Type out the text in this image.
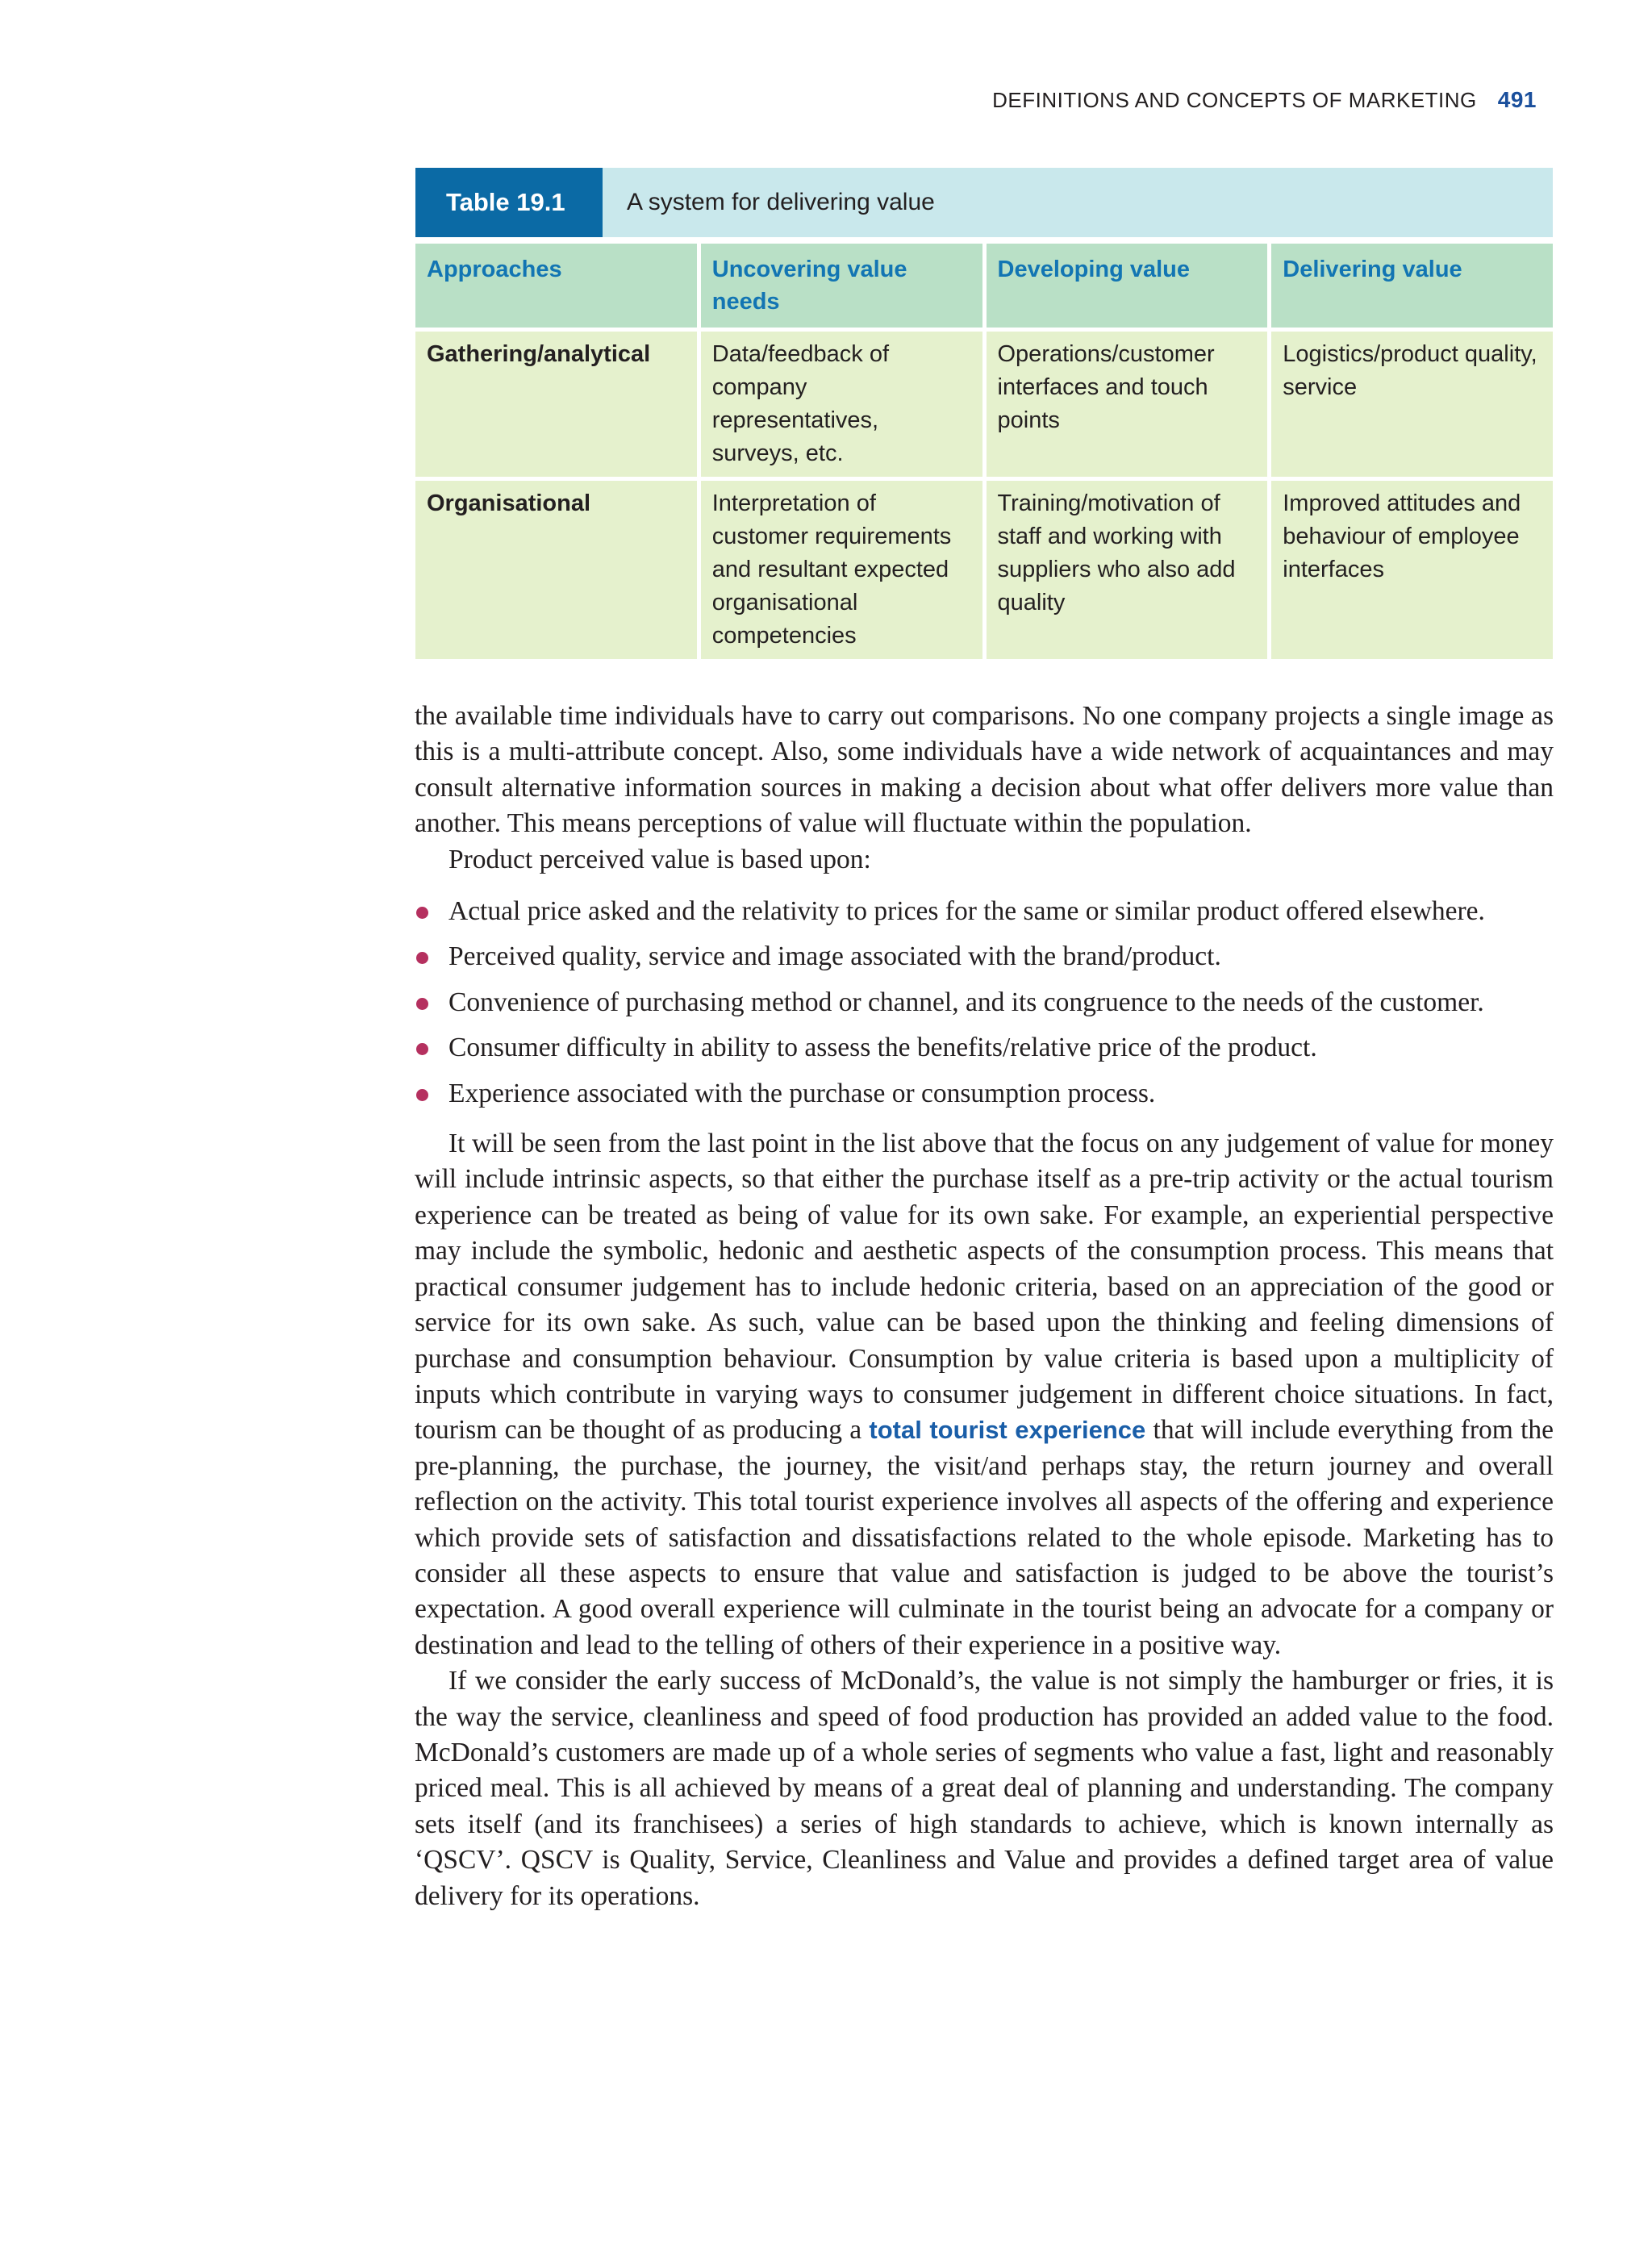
DEFINITIONS AND CONCEPTS OF MARKETING 491
Table 19.1	A system for delivering value
Approaches	Uncovering value needs	Developing value	Delivering value
Gathering/analytical	Data/feedback of company representatives, surveys, etc.	Operations/customer interfaces and touch points	Logistics/product quality, service
Organisational	Interpretation of customer requirements and resultant expected organisational competencies	Training/motivation of staff and working with suppliers who also add quality	Improved attitudes and behaviour of employee interfaces

the available time individuals have to carry out comparisons. No one company projects a single image as this is a multi-attribute concept. Also, some individuals have a wide network of acquaintances and may consult alternative information sources in making a decision about what offer delivers more value than another. This means perceptions of value will fluctuate within the population.

Product perceived value is based upon:

Actual price asked and the relativity to prices for the same or similar product offered elsewhere.
Perceived quality, service and image associated with the brand/product.
Convenience of purchasing method or channel, and its congruence to the needs of the customer.
Consumer difficulty in ability to assess the benefits/relative price of the product.
Experience associated with the purchase or consumption process.

It will be seen from the last point in the list above that the focus on any judgement of value for money will include intrinsic aspects, so that either the purchase itself as a pre-trip activity or the actual tourism experience can be treated as being of value for its own sake. For example, an experiential perspective may include the symbolic, hedonic and aesthetic aspects of the consumption process. This means that practical consumer judgement has to include hedonic criteria, based on an appreciation of the good or service for its own sake. As such, value can be based upon the thinking and feeling dimensions of purchase and consumption behaviour. Consumption by value criteria is based upon a multiplicity of inputs which contribute in varying ways to consumer judgement in different choice situations. In fact, tourism can be thought of as producing a total tourist experience that will include everything from the pre-planning, the purchase, the journey, the visit/and perhaps stay, the return journey and overall reflection on the activity. This total tourist experience involves all aspects of the offering and experience which provide sets of satisfaction and dissatisfactions related to the whole episode. Marketing has to consider all these aspects to ensure that value and satisfaction is judged to be above the tourist’s expectation. A good overall experience will culminate in the tourist being an advocate for a company or destination and lead to the telling of others of their experience in a positive way.

If we consider the early success of McDonald’s, the value is not simply the hamburger or fries, it is the way the service, cleanliness and speed of food production has provided an added value to the food. McDonald’s customers are made up of a whole series of segments who value a fast, light and reasonably priced meal. This is all achieved by means of a great deal of planning and understanding. The company sets itself (and its franchisees) a series of high standards to achieve, which is known internally as ‘QSCV’. QSCV is Quality, Service, Cleanliness and Value and provides a defined target area of value delivery for its operations.
